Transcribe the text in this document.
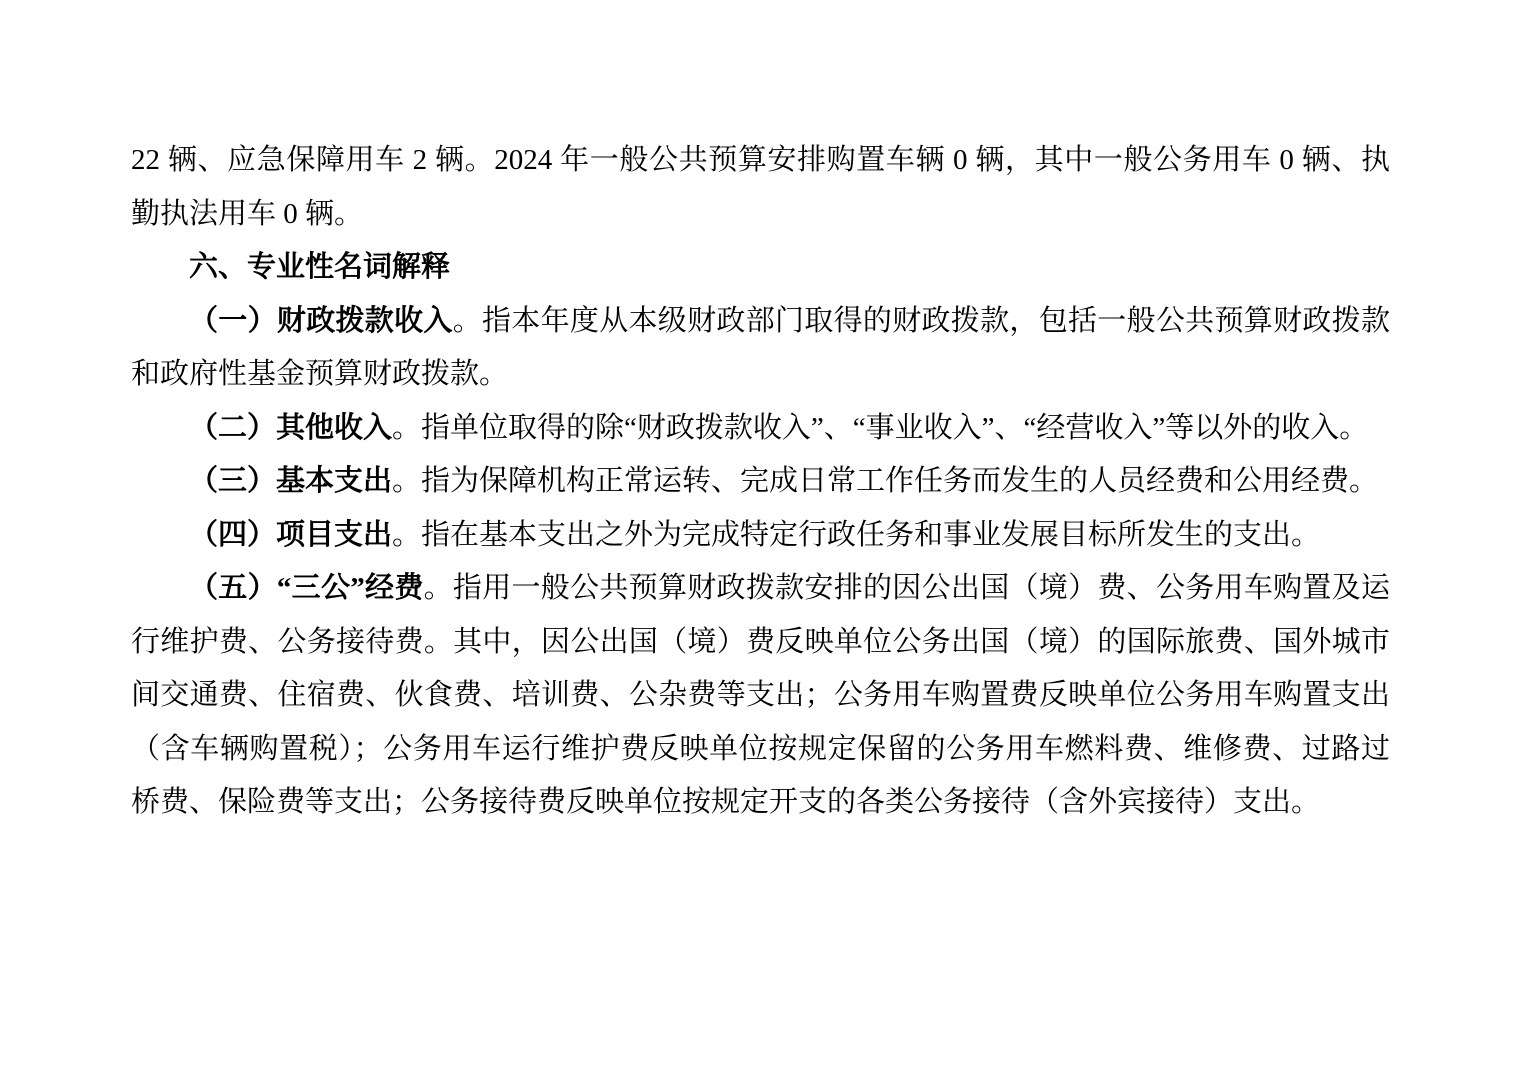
22 辆、应急保障用车 2 辆。2024 年一般公共预算安排购置车辆 0 辆，其中一般公务用车 0 辆、执勤执法用车 0 辆。

六、专业性名词解释

（一）财政拨款收入。指本年度从本级财政部门取得的财政拨款，包括一般公共预算财政拨款和政府性基金预算财政拨款。

（二）其他收入。指单位取得的除“财政拨款收入”、“事业收入”、“经营收入”等以外的收入。

（三）基本支出。指为保障机构正常运转、完成日常工作任务而发生的人员经费和公用经费。

（四）项目支出。指在基本支出之外为完成特定行政任务和事业发展目标所发生的支出。

（五）“三公”经费。指用一般公共预算财政拨款安排的因公出国（境）费、公务用车购置及运行维护费、公务接待费。其中，因公出国（境）费反映单位公务出国（境）的国际旅费、国外城市间交通费、住宿费、伙食费、培训费、公杂费等支出；公务用车购置费反映单位公务用车购置支出（含车辆购置税）；公务用车运行维护费反映单位按规定保留的公务用车燃料费、维修费、过路过桥费、保险费等支出；公务接待费反映单位按规定开支的各类公务接待（含外宾接待）支出。
